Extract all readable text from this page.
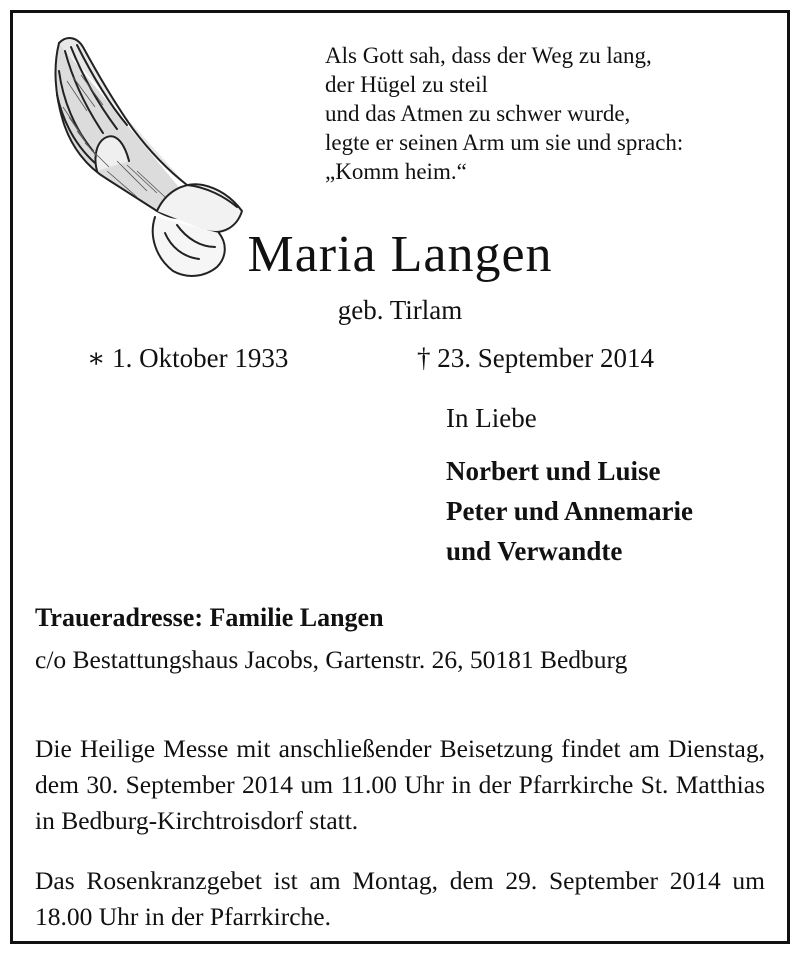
Als Gott sah, dass der Weg zu lang,
der Hügel zu steil
und das Atmen zu schwer wurde,
legte er seinen Arm um sie und sprach:
„Komm heim.“
Maria Langen
geb. Tirlam
∗ 1. Oktober 1933	† 23. September 2014
In Liebe
Norbert und Luise
Peter und Annemarie
und Verwandte
Traueradresse: Familie Langen
c/o Bestattungshaus Jacobs, Gartenstr. 26, 50181 Bedburg
Die Heilige Messe mit anschließender Beisetzung findet am Dienstag, dem 30. September 2014 um 11.00 Uhr in der Pfarrkirche St. Matthias in Bedburg-Kirchtroisdorf statt.
Das Rosenkranzgebet ist am Montag, dem 29. September 2014 um 18.00 Uhr in der Pfarrkirche.
